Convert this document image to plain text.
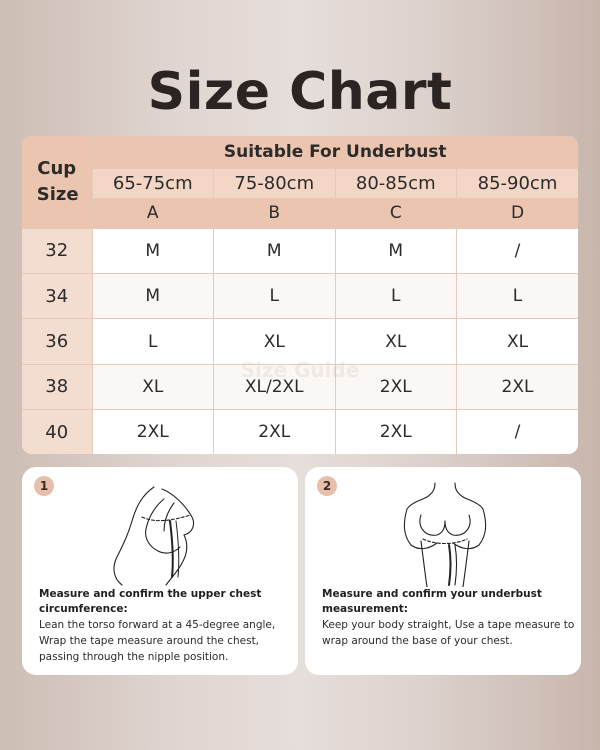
Size Chart
Cup Size	Suitable For Underbust			
	65-75cm	75-80cm	80-85cm	85-90cm
	A	B	C	D
32	M	M	M	/
34	M	L	L	L
36	L	XL	XL	XL
38	XL	XL/2XL	2XL	2XL
40	2XL	2XL	2XL	/
1
Measure and confirm the upper chest circumference:
Lean the torso forward at a 45-degree angle, Wrap the tape measure around the chest, passing through the nipple position.
2
Measure and confirm your underbust measurement:
Keep your body straight, Use a tape measure to wrap around the base of your chest.
